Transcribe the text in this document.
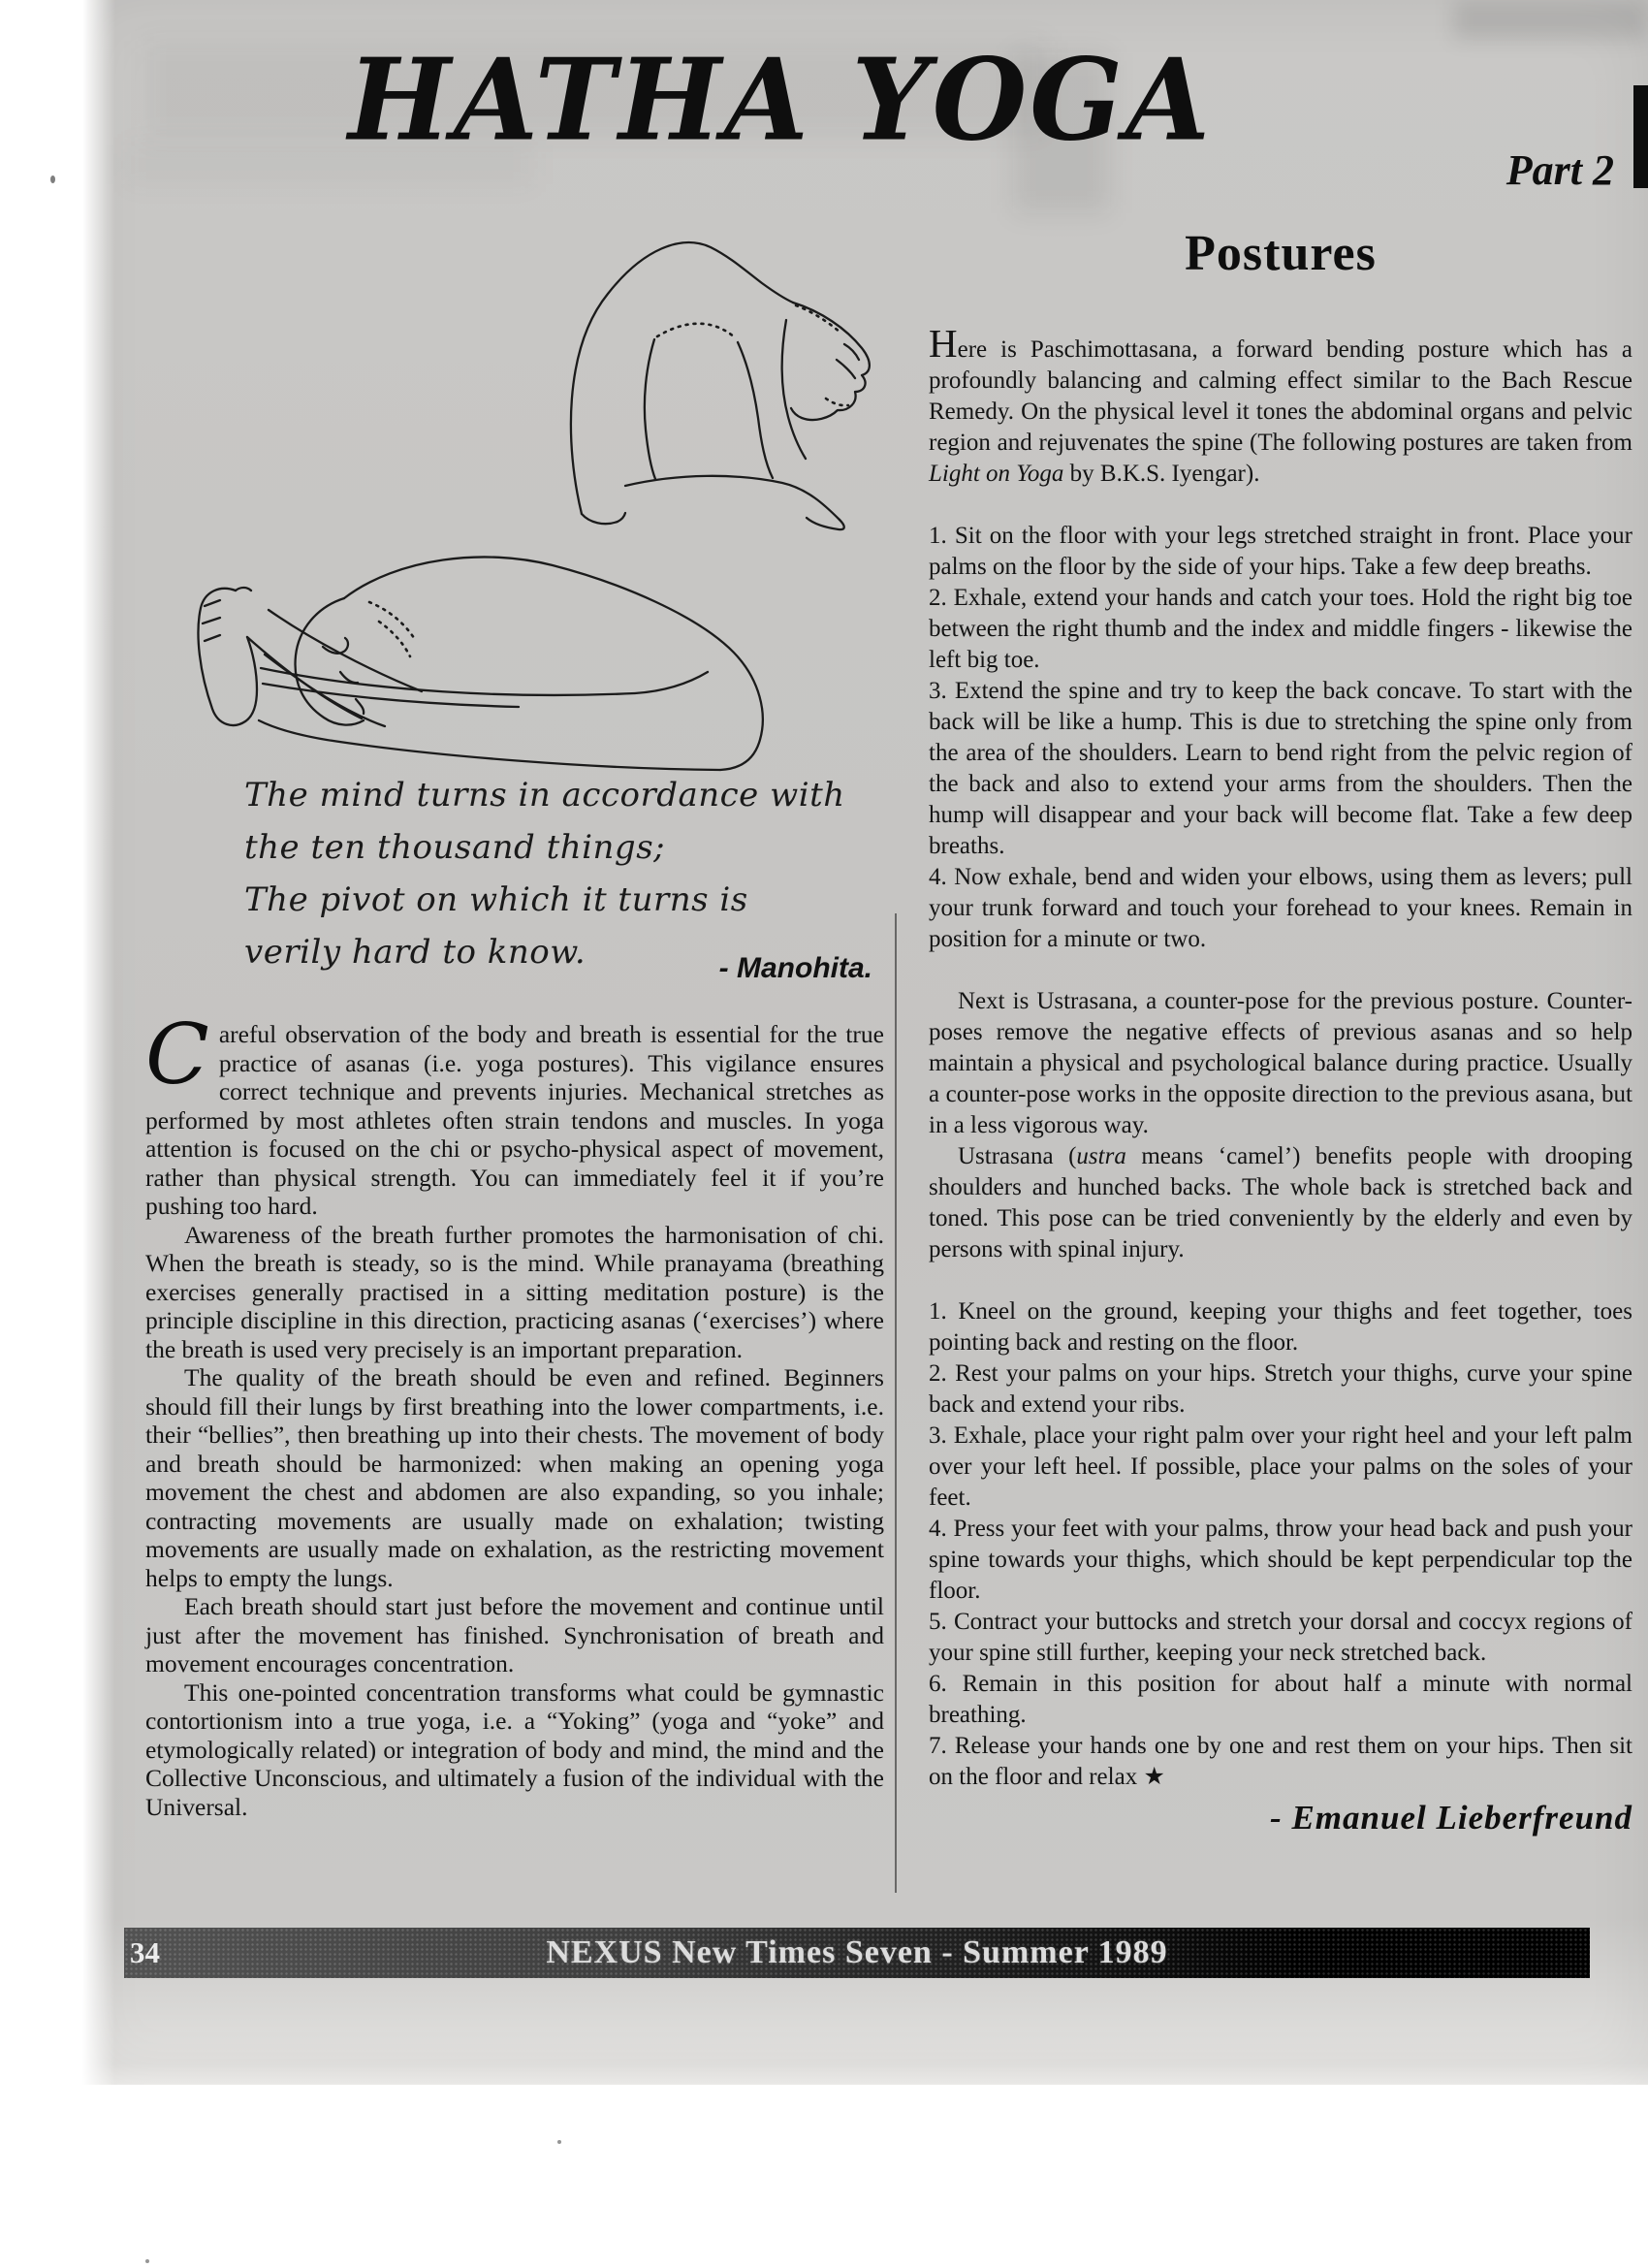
HATHA YOGA
Part 2
The mind turns in accordance with
the ten thousand things;
The pivot on which it turns is
verily hard to know.	- Manohita.

Careful observation of the body and breath is essential for the true practice of asanas (i.e. yoga postures). This vigilance ensures correct technique and prevents injuries. Mechanical stretches as performed by most athletes often strain tendons and muscles. In yoga attention is focused on the chi or psycho-physical aspect of movement, rather than physical strength. You can immediately feel it if you’re pushing too hard.

Awareness of the breath further promotes the harmonisation of chi. When the breath is steady, so is the mind. While pranayama (breathing exercises generally practised in a sitting meditation posture) is the principle discipline in this direction, practicing asanas (‘exercises’) where the breath is used very precisely is an important preparation.

The quality of the breath should be even and refined. Beginners should fill their lungs by first breathing into the lower compartments, i.e. their “bellies”, then breathing up into their chests. The movement of body and breath should be harmonized: when making an opening yoga movement the chest and abdomen are also expanding, so you inhale; contracting movements are usually made on exhalation; twisting movements are usually made on exhalation, as the restricting movement helps to empty the lungs.

Each breath should start just before the movement and continue until just after the movement has finished. Synchronisation of breath and movement encourages concentration.

This one-pointed concentration transforms what could be gymnastic contortionism into a true yoga, i.e. a “Yoking” (yoga and “yoke” and etymologically related) or integration of body and mind, the mind and the Collective Unconscious, and ultimately a fusion of the individual with the Universal.

Postures

Here is Paschimottasana, a forward bending posture which has a profoundly balancing and calming effect similar to the Bach Rescue Remedy. On the physical level it tones the abdominal organs and pelvic region and rejuvenates the spine (The following postures are taken from Light on Yoga by B.K.S. Iyengar).

1. Sit on the floor with your legs stretched straight in front. Place your palms on the floor by the side of your hips. Take a few deep breaths.

2. Exhale, extend your hands and catch your toes. Hold the right big toe between the right thumb and the index and middle fingers - likewise the left big toe.

3. Extend the spine and try to keep the back concave. To start with the back will be like a hump. This is due to stretching the spine only from the area of the shoulders. Learn to bend right from the pelvic region of the back and also to extend your arms from the shoulders. Then the hump will disappear and your back will become flat. Take a few deep breaths.

4. Now exhale, bend and widen your elbows, using them as levers; pull your trunk forward and touch your forehead to your knees. Remain in position for a minute or two.

Next is Ustrasana, a counter-pose for the previous posture. Counter-poses remove the negative effects of previous asanas and so help maintain a physical and psychological balance during practice. Usually a counter-pose works in the opposite direction to the previous asana, but in a less vigorous way.

Ustrasana (ustra means ‘camel’) benefits people with drooping shoulders and hunched backs. The whole back is stretched back and toned. This pose can be tried conveniently by the elderly and even by persons with spinal injury.

1. Kneel on the ground, keeping your thighs and feet together, toes pointing back and resting on the floor.

2. Rest your palms on your hips. Stretch your thighs, curve your spine back and extend your ribs.

3. Exhale, place your right palm over your right heel and your left palm over your left heel. If possible, place your palms on the soles of your feet.

4. Press your feet with your palms, throw your head back and push your spine towards your thighs, which should be kept perpendicular top the floor.

5. Contract your buttocks and stretch your dorsal and coccyx regions of your spine still further, keeping your neck stretched back.

6. Remain in this position for about half a minute with normal breathing.

7. Release your hands one by one and rest them on your hips. Then sit on the floor and relax ★

- Emanuel Lieberfreund
34	NEXUS New Times Seven - Summer 1989
